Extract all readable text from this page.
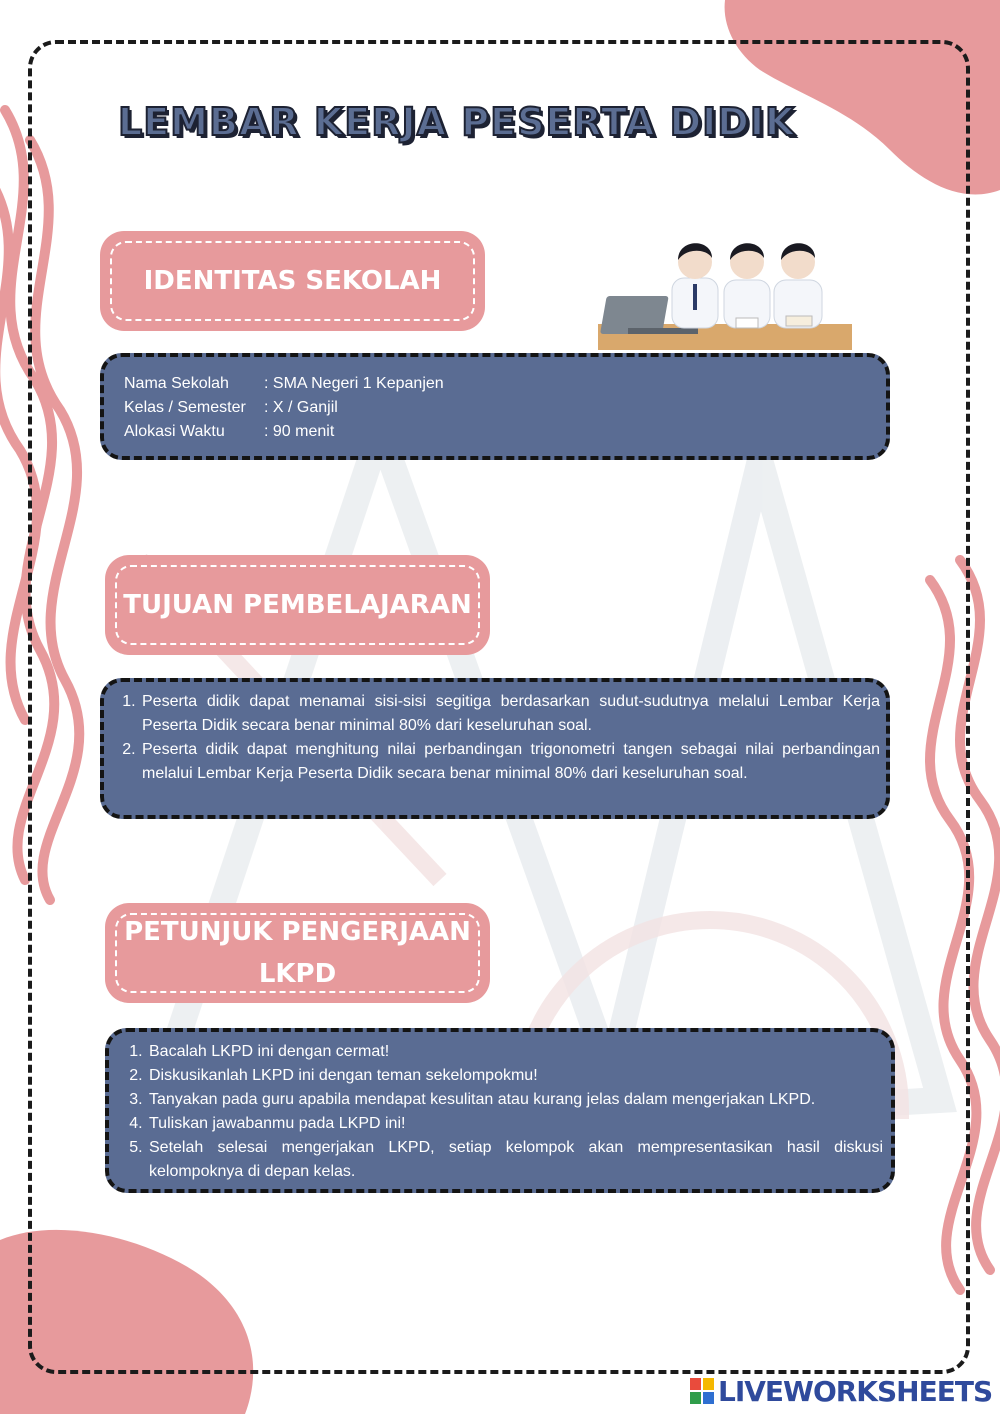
LEMBAR KERJA PESERTA DIDIK
IDENTITAS SEKOLAH
Nama Sekolah	: SMA Negeri 1 Kepanjen
Kelas / Semester	: X / Ganjil
Alokasi Waktu	: 90 menit
TUJUAN PEMBELAJARAN
1. Peserta didik dapat menamai sisi-sisi segitiga berdasarkan sudut-sudutnya melalui Lembar Kerja Peserta Didik secara benar minimal 80% dari keseluruhan soal.
2. Peserta didik dapat menghitung nilai perbandingan trigonometri tangen sebagai nilai perbandingan melalui Lembar Kerja Peserta Didik secara benar minimal 80% dari keseluruhan soal.
PETUNJUK PENGERJAAN
LKPD
1. Bacalah LKPD ini dengan cermat!
2. Diskusikanlah LKPD ini dengan teman sekelompokmu!
3. Tanyakan pada guru apabila mendapat kesulitan atau kurang jelas dalam mengerjakan LKPD.
4. Tuliskan jawabanmu pada LKPD ini!
5. Setelah selesai mengerjakan LKPD, setiap kelompok akan mempresentasikan hasil diskusi kelompoknya di depan kelas.
LIVEWORKSHEETS
